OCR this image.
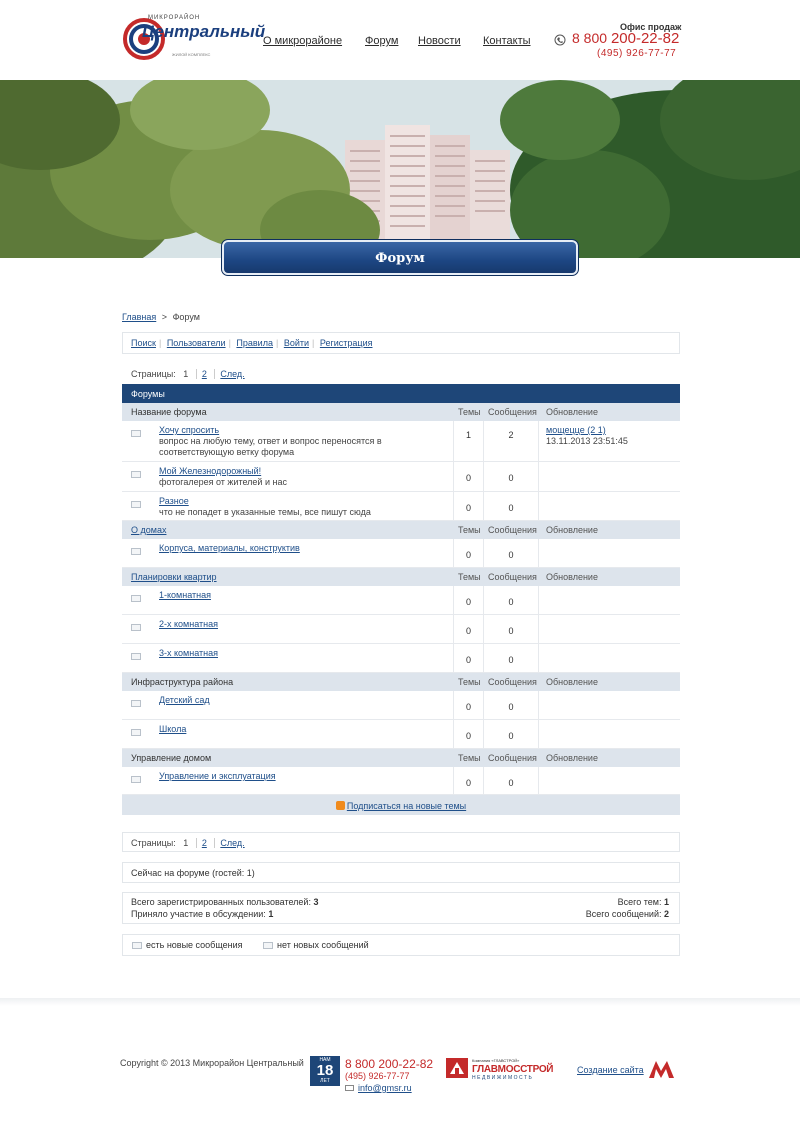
МИКРОРАЙОН
Центральный
ЖИЛОЙ КОМПЛЕКС
О микрорайоне Форум Новости Контакты
Офис продаж
8 800 200-22-82
(495) 926-77-77
Форум
Главная > Форум
Поиск | Пользователи | Правила | Войти | Регистрация
Страницы: 1 2 След.
Форумы
Название форума	Темы Сообщения Обновление
Хочу спросить
вопрос на любую тему, ответ и вопрос переносятся в соответствующую ветку форума
1	2	мощецце (2 1)
13.11.2013 23:51:45
Мой Железнодорожный!
фотогалерея от жителей и нас	0	0
Разное
что не попадет в указанные темы, все пишут сюда	0	0
О домах	Темы Сообщения Обновление
Корпуса, материалы, конструктив
0	0
Планировки квартир	Темы Сообщения Обновление
1-комнатная
0	0
2-х комнатная
0	0
3-х комнатная
0	0
Инфраструктура района	Темы Сообщения Обновление
Детский сад
0	0
Школа
0	0
Управление домом	Темы Сообщения Обновление
Управление и эксплуатация
0	0
Подписаться на новые темы
Страницы: 1 2 След.
Сейчас на форуме (гостей: 1)
Всего зарегистрированных пользователей: 3
Приняло участие в обсуждении: 1
Всего тем: 1
Всего сообщений: 2
есть новые сообщения	нет новых сообщений
Copyright © 2013 Микрорайон Центральный	НАМ
18
ЛЕТ
8 800 200-22-82
(495) 926-77-77
info@gmsr.ru
Компания «ГЛАВСТРОЙ»
ГЛАВМОССТРОЙ
НЕДВИЖИМОСТЬ
Создание сайта
